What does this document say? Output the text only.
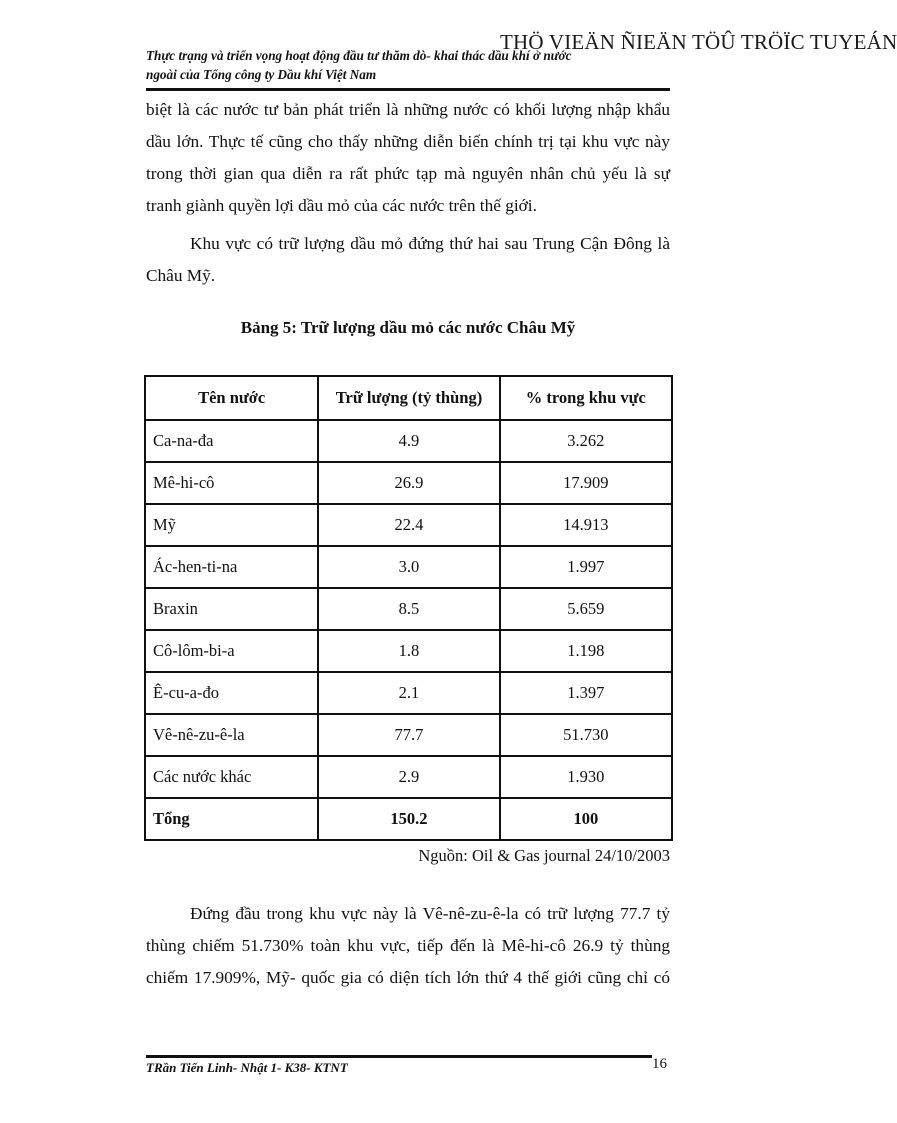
THÖ VIEÄN ÑIEÄN TÖÛ TRÖÏC TUYEÁN
Thực trạng và triển vọng hoạt động đầu tư thăm dò- khai thác dầu khí ở nước
ngoài của Tổng công ty Dầu khí Việt Nam
biệt là các nước tư bản phát triển là những nước có khối lượng nhập khẩu
dầu lớn. Thực tế cũng cho thấy những diễn biến chính trị tại khu vực này
trong thời gian qua diễn ra rất phức tạp mà nguyên nhân chủ yếu là sự
tranh giành quyền lợi dầu mỏ của các nước trên thế giới.
Khu vực có trữ lượng dầu mỏ đứng thứ hai sau Trung Cận Đông là
Châu Mỹ.
Bảng 5: Trữ lượng dầu mỏ các nước Châu Mỹ
Tên nước	Trữ lượng (tỷ thùng)	% trong khu vực
Ca-na-đa	4.9	3.262
Mê-hi-cô	26.9	17.909
Mỹ	22.4	14.913
Ác-hen-ti-na	3.0	1.997
Braxin	8.5	5.659
Cô-lôm-bi-a	1.8	1.198
Ê-cu-a-đo	2.1	1.397
Vê-nê-zu-ê-la	77.7	51.730
Các nước khác	2.9	1.930
Tổng	150.2	100
Nguồn: Oil & Gas journal 24/10/2003
Đứng đầu trong khu vực này là Vê-nê-zu-ê-la có trữ lượng 77.7 tỷ
thùng chiếm 51.730% toàn khu vực, tiếp đến là Mê-hi-cô 26.9 tỷ thùng
chiếm 17.909%, Mỹ- quốc gia có diện tích lớn thứ 4 thế giới cũng chỉ có
TRần Tiến Linh- Nhật 1- K38- KTNT	16
